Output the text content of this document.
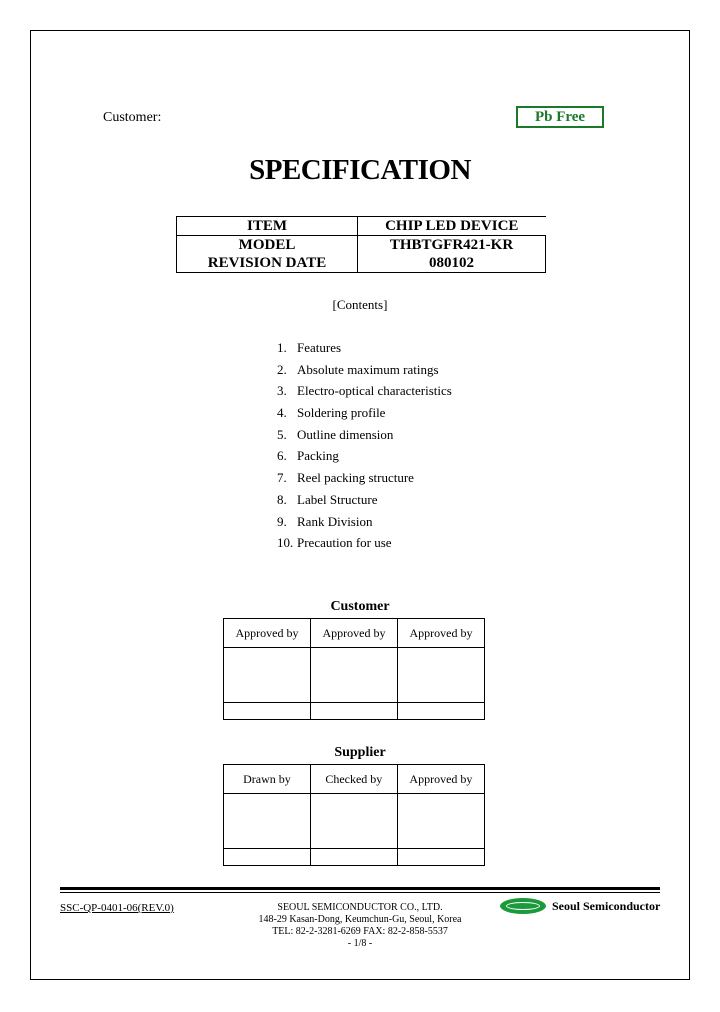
Customer:	Pb Free
SPECIFICATION
ITEM	CHIP LED DEVICE
MODEL	THBTGFR421-KR
REVISION DATE	080102
[Contents]
1. Features
2. Absolute maximum ratings
3. Electro-optical characteristics
4. Soldering profile
5. Outline dimension
6. Packing
7. Reel packing structure
8. Label Structure
9. Rank Division
10. Precaution for use
Customer
Approved by	Approved by	Approved by

Supplier
Drawn by	Checked by	Approved by

SSC-QP-0401-06(REV.0)	SEOUL SEMICONDUCTOR CO., LTD.
148-29 Kasan-Dong, Keumchun-Gu, Seoul, Korea
TEL: 82-2-3281-6269 FAX: 82-2-858-5537
- 1/8 -
Seoul Semiconductor
